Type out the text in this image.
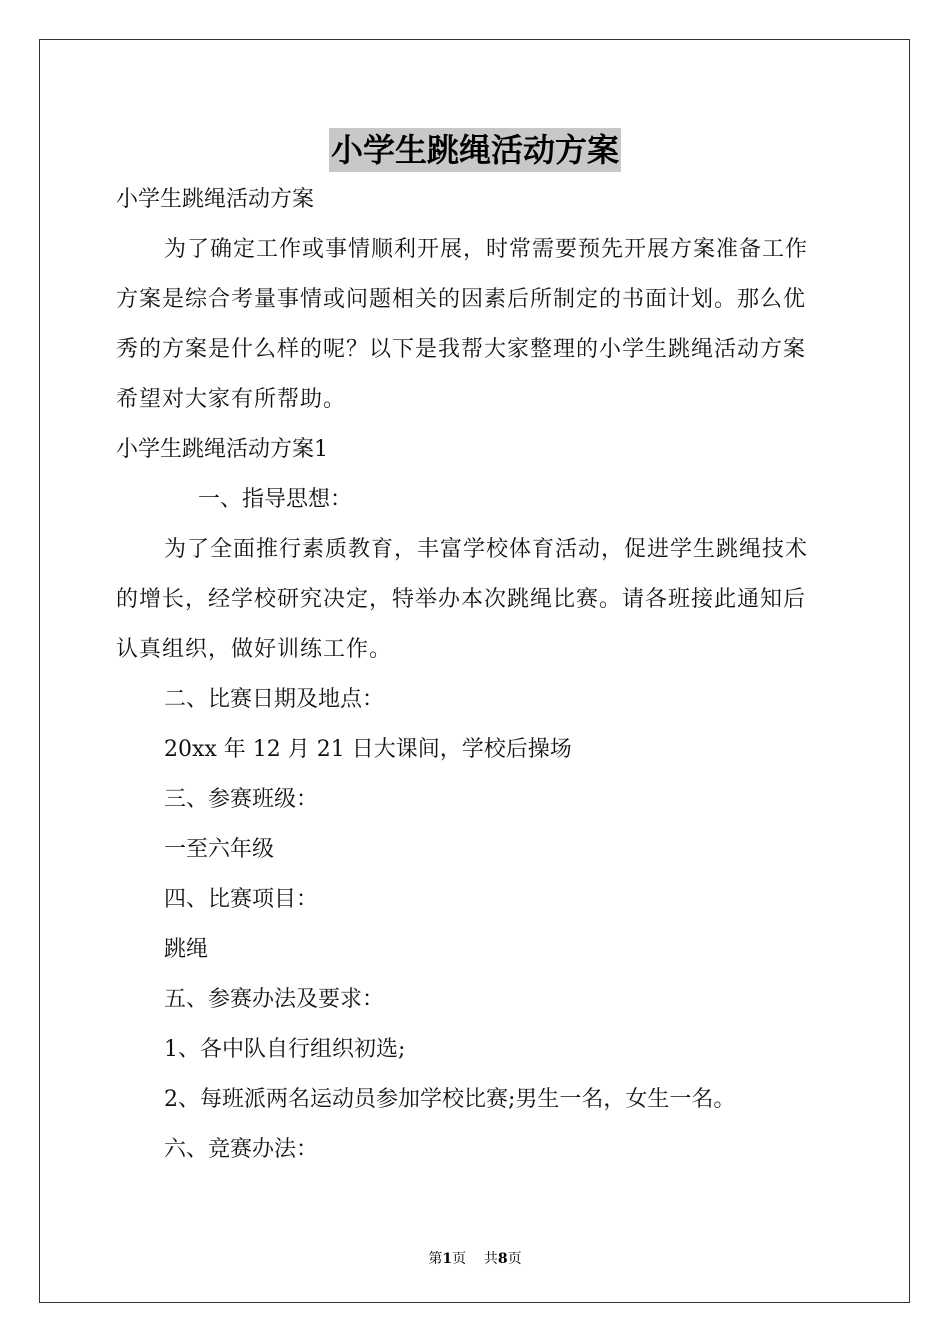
小学生跳绳活动方案

小学生跳绳活动方案

为了确定工作或事情顺利开展，时常需要预先开展方案准备工作
方案是综合考量事情或问题相关的因素后所制定的书面计划。那么优
秀的方案是什么样的呢？以下是我帮大家整理的小学生跳绳活动方案
希望对大家有所帮助。

小学生跳绳活动方案1

一、指导思想：

为了全面推行素质教育，丰富学校体育活动，促进学生跳绳技术
的增长，经学校研究决定，特举办本次跳绳比赛。请各班接此通知后
认真组织，做好训练工作。

二、比赛日期及地点：

20xx 年 12 月 21 日大课间，学校后操场

三、参赛班级：

一至六年级

四、比赛项目：

跳绳

五、参赛办法及要求：

1、各中队自行组织初选;

2、每班派两名运动员参加学校比赛;男生一名，女生一名。

六、竞赛办法：

第1页 共8页
